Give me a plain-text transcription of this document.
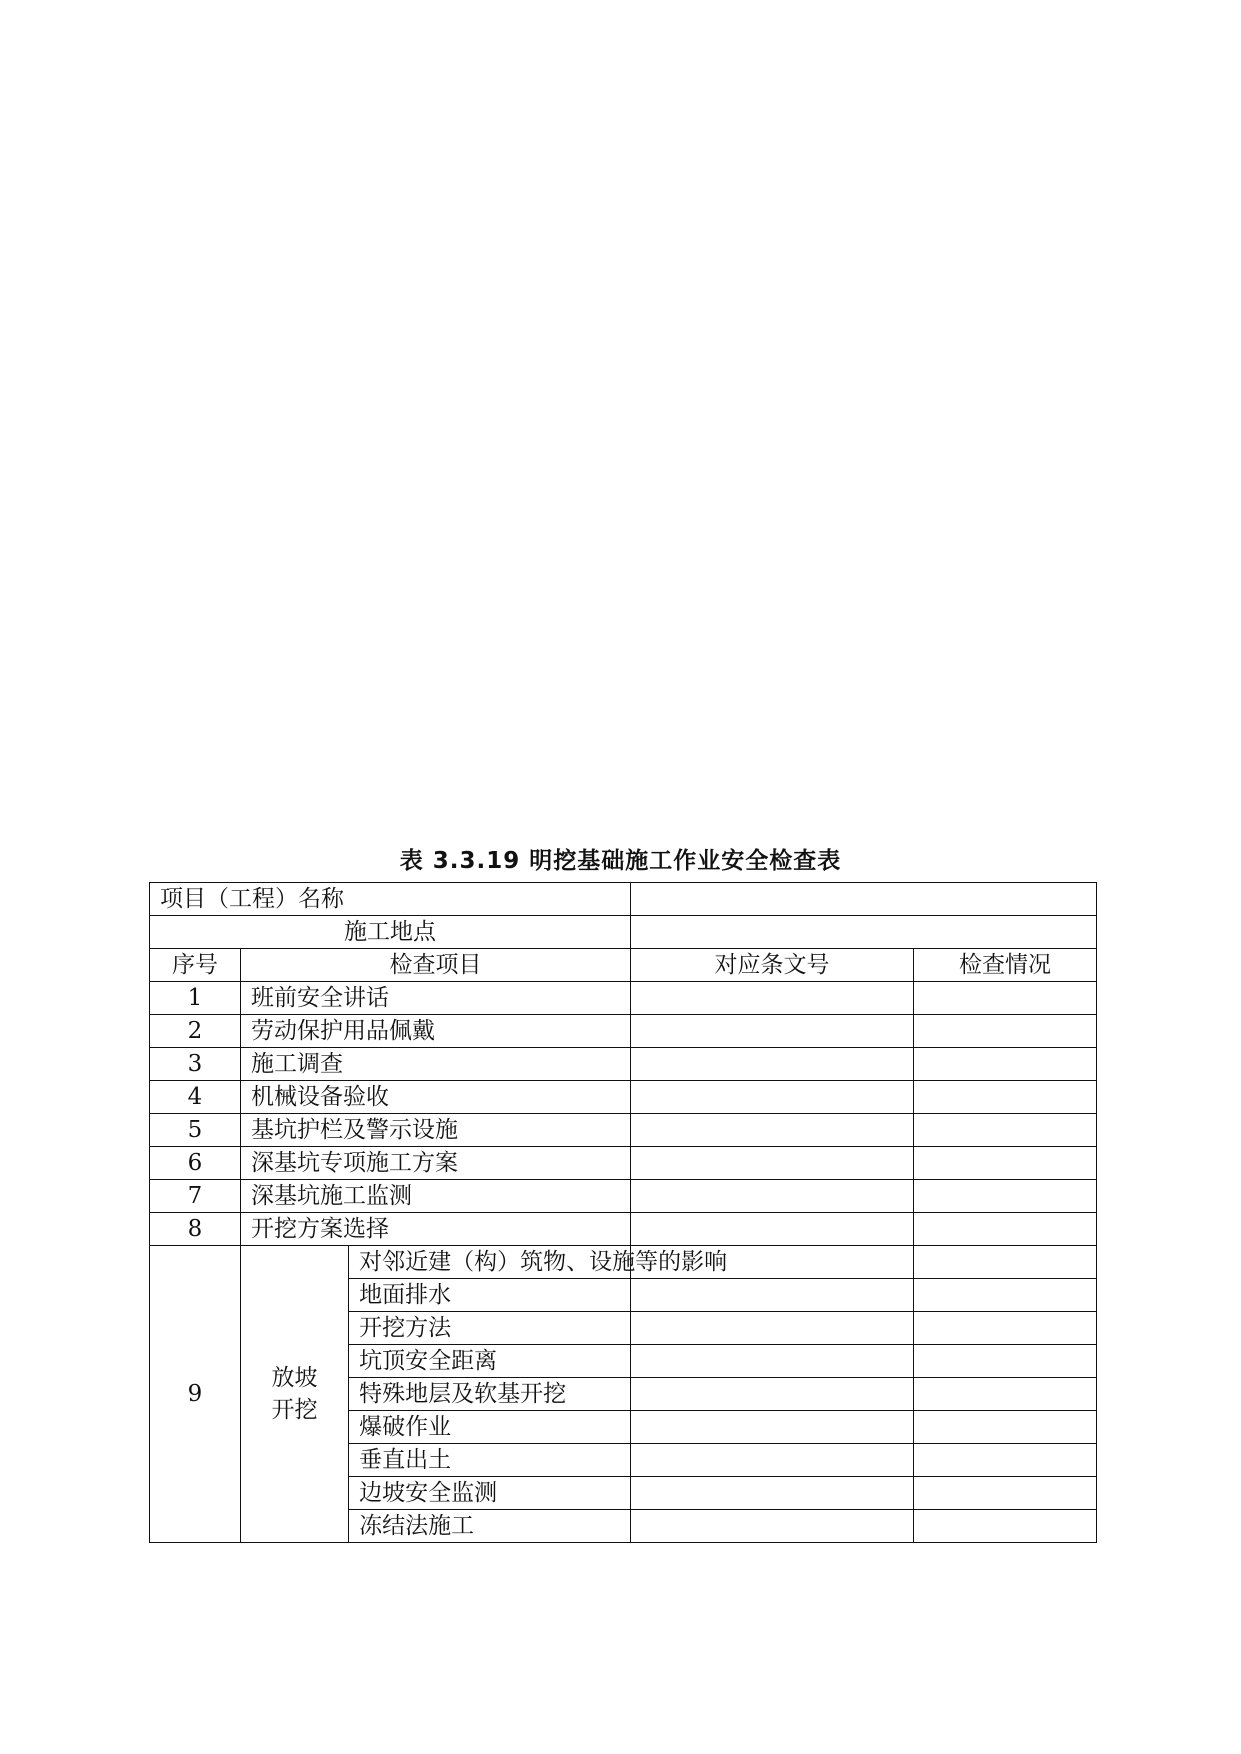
表 3.3.19 明挖基础施工作业安全检查表
项目（工程）名称				
施工地点				
序号	检查项目		对应条文号	检查情况
1	班前安全讲话			
2	劳动保护用品佩戴			
3	施工调查			
4	机械设备验收			
5	基坑护栏及警示设施			
6	深基坑专项施工方案			
7	深基坑施工监测			
8	开挖方案选择			
9	放坡开挖	对邻近建（构）筑物、设施等的影响		
		地面排水		
		开挖方法		
		坑顶安全距离		
		特殊地层及软基开挖		
		爆破作业		
		垂直出土		
		边坡安全监测		
		冻结法施工		
